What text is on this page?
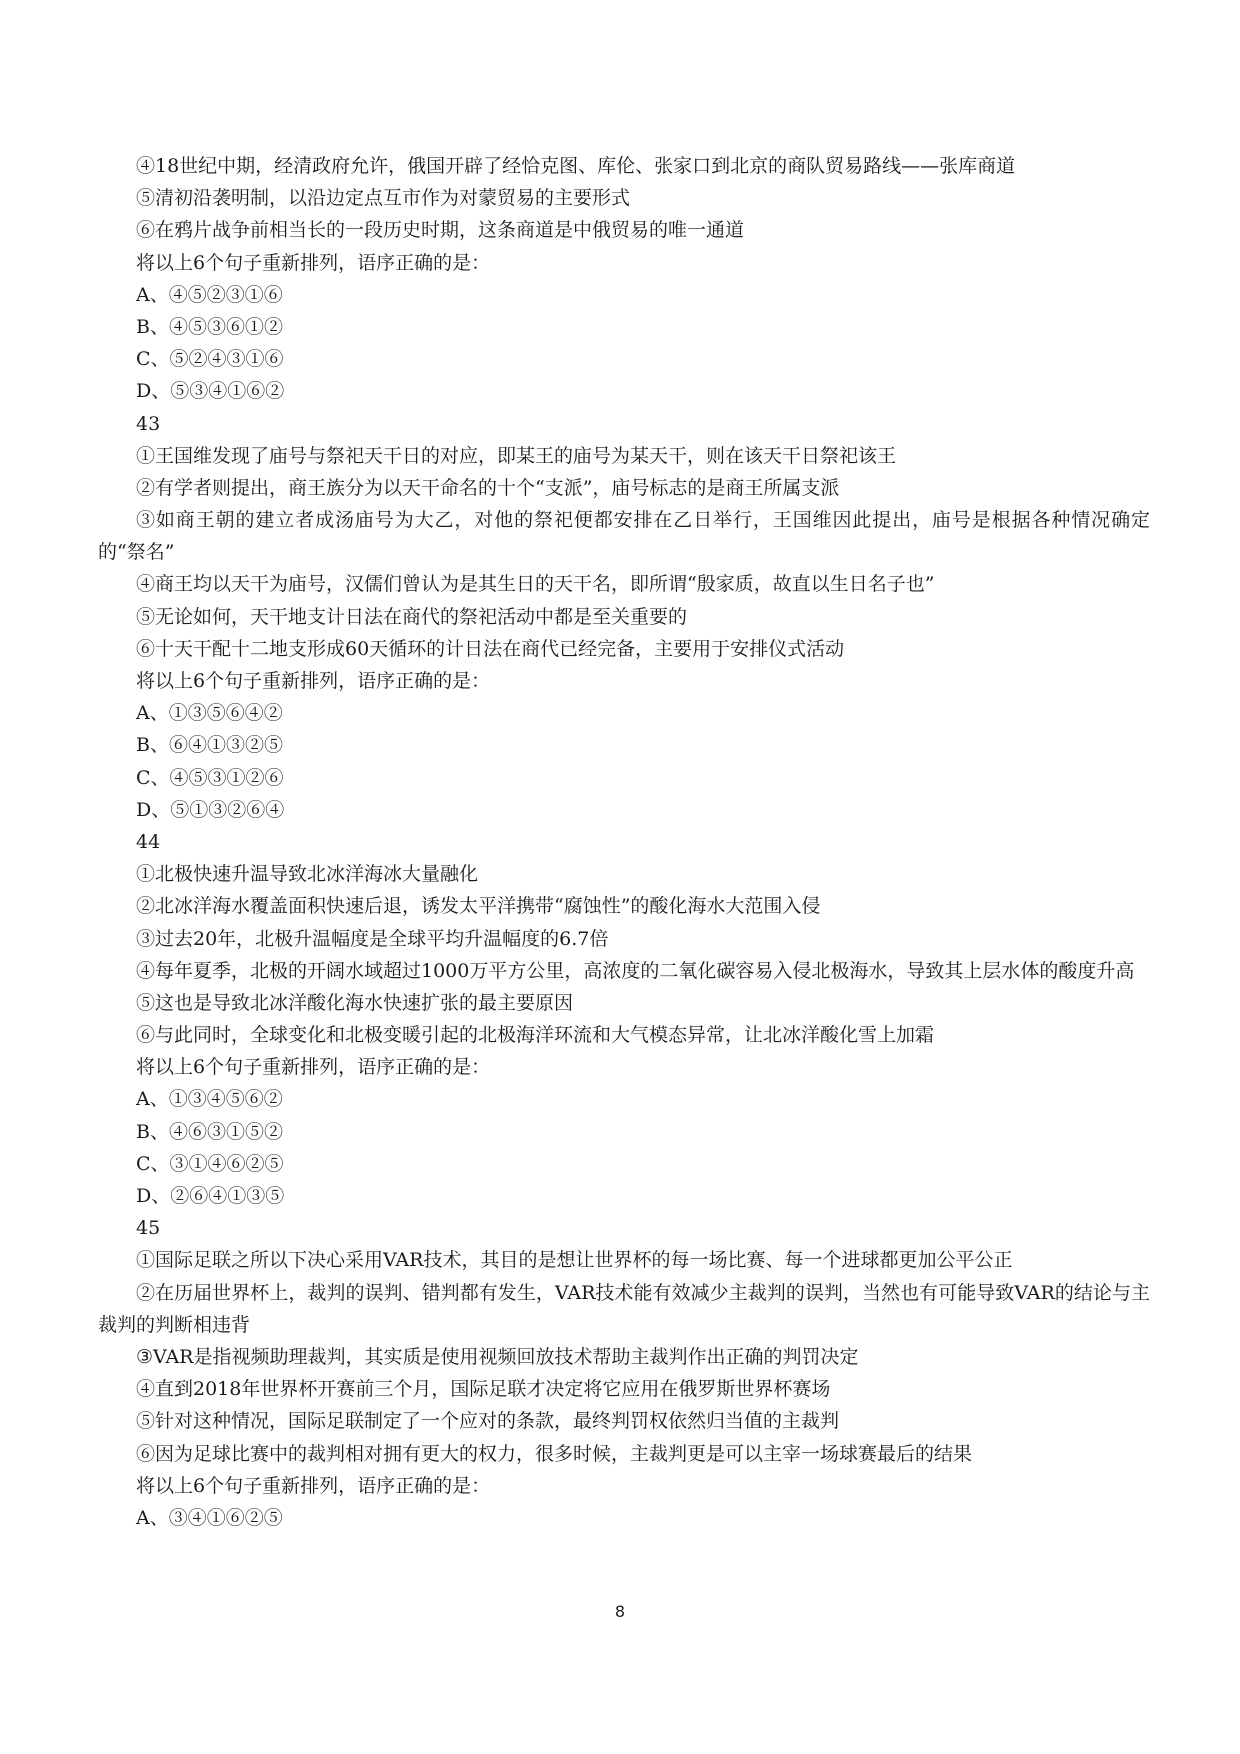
④18世纪中期，经清政府允许，俄国开辟了经恰克图、库伦、张家口到北京的商队贸易路线——张库商道
⑤清初沿袭明制，以沿边定点互市作为对蒙贸易的主要形式
⑥在鸦片战争前相当长的一段历史时期，这条商道是中俄贸易的唯一通道
将以上6个句子重新排列，语序正确的是：
A、④⑤②③①⑥
B、④⑤③⑥①②
C、⑤②④③①⑥
D、⑤③④①⑥②
43
①王国维发现了庙号与祭祀天干日的对应，即某王的庙号为某天干，则在该天干日祭祀该王
②有学者则提出，商王族分为以天干命名的十个“支派”，庙号标志的是商王所属支派
③如商王朝的建立者成汤庙号为大乙，对他的祭祀便都安排在乙日举行，王国维因此提出，庙号是根据各种情况确定的“祭名”
④商王均以天干为庙号，汉儒们曾认为是其生日的天干名，即所谓“殷家质，故直以生日名子也”
⑤无论如何，天干地支计日法在商代的祭祀活动中都是至关重要的
⑥十天干配十二地支形成60天循环的计日法在商代已经完备，主要用于安排仪式活动
将以上6个句子重新排列，语序正确的是：
A、①③⑤⑥④②
B、⑥④①③②⑤
C、④⑤③①②⑥
D、⑤①③②⑥④
44
①北极快速升温导致北冰洋海冰大量融化
②北冰洋海水覆盖面积快速后退，诱发太平洋携带“腐蚀性”的酸化海水大范围入侵
③过去20年，北极升温幅度是全球平均升温幅度的6.7倍
④每年夏季，北极的开阔水域超过1000万平方公里，高浓度的二氧化碳容易入侵北极海水，导致其上层水体的酸度升高
⑤这也是导致北冰洋酸化海水快速扩张的最主要原因
⑥与此同时，全球变化和北极变暖引起的北极海洋环流和大气模态异常，让北冰洋酸化雪上加霜
将以上6个句子重新排列，语序正确的是：
A、①③④⑤⑥②
B、④⑥③①⑤②
C、③①④⑥②⑤
D、②⑥④①③⑤
45
①国际足联之所以下决心采用VAR技术，其目的是想让世界杯的每一场比赛、每一个进球都更加公平公正
②在历届世界杯上，裁判的误判、错判都有发生，VAR技术能有效减少主裁判的误判，当然也有可能导致VAR的结论与主裁判的判断相违背
③VAR是指视频助理裁判，其实质是使用视频回放技术帮助主裁判作出正确的判罚决定
④直到2018年世界杯开赛前三个月，国际足联才决定将它应用在俄罗斯世界杯赛场
⑤针对这种情况，国际足联制定了一个应对的条款，最终判罚权依然归当值的主裁判
⑥因为足球比赛中的裁判相对拥有更大的权力，很多时候，主裁判更是可以主宰一场球赛最后的结果
将以上6个句子重新排列，语序正确的是：
A、③④①⑥②⑤
8
